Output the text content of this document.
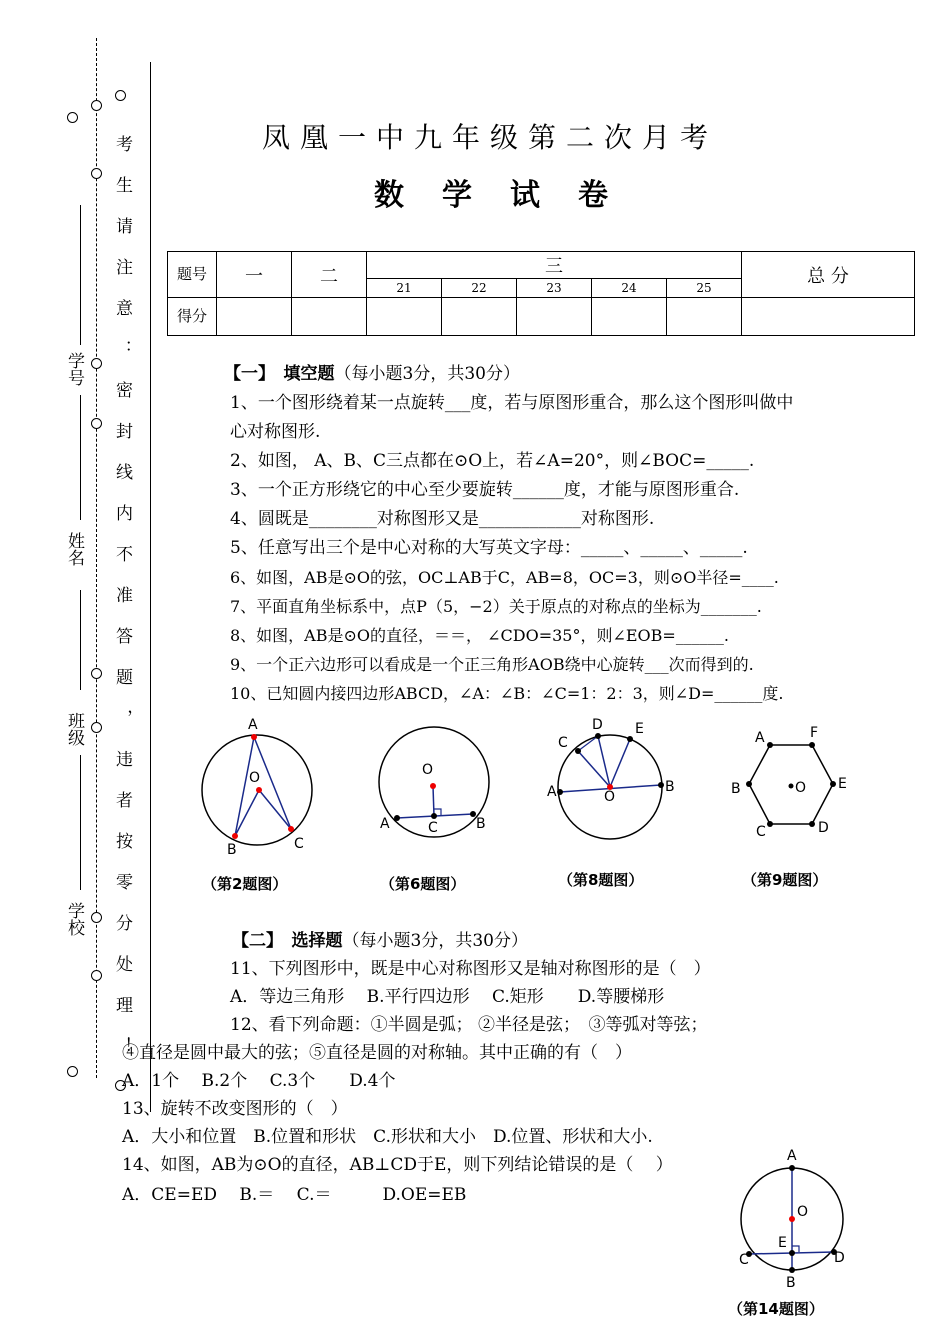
学校
班级
姓名
学号 考生请注意：密封线内不准答题，违者按零分处理！	凤凰一中九年级第二次月考
数学试卷
题号	一	二	三					总 分
			21	22	23	24	25	
得分								
【一】　填空题（每小题3分，共30分）
1、一个图形绕着某一点旋转___度，若与原图形重合，那么这个图形叫做中
心对称图形.
2、如图， A、B、C三点都在⊙O上，若∠A=20°，则∠BOC=_____.
3、一个正方形绕它的中心至少要旋转______度，才能与原图形重合.
4、圆既是________对称图形又是____________对称图形.
5、任意写出三个是中心对称的大写英文字母：_____、_____、_____.
6、如图，AB是⊙O的弦，OC⊥AB于C，AB=8，OC=3，则⊙O半径=____.
7、平面直角坐标系中，点P（5，−2）关于原点的对称点的坐标为_______.
8、如图，AB是⊙O的直径，＝＝， ∠CDO=35°，则∠EOB=______.
9、一个正六边形可以看成是一个正三角形AOB绕中心旋转___次而得到的.
10、已知圆内接四边形ABCD，∠A：∠B：∠C=1：2：3，则∠D=______度.
A
O
B	C
（第2题图）
O
A	C	B
（第6题图）
D E
C
A	O
B
（第8题图）
A	F
B	O E
C	D
（第9题图）
【二】　选择题（每小题3分，共30分）
11、下列图形中，既是中心对称图形又是轴对称图形的是（　）
A．等边三角形　 B.平行四边形　 C.矩形　　D.等腰梯形
12、看下列命题：①半圆是弧； ②半径是弦；　③等弧对等弦；
④直径是圆中最大的弦；⑤直径是圆的对称轴。其中正确的有（　）
A．1个　 B.2个　 C.3个　　D.4个
13、旋转不改变图形的（　）
A．大小和位置　B.位置和形状　C.形状和大小　D.位置、形状和大小.
14、如图，AB为⊙O的直径，AB⊥CD于E，则下列结论错误的是（　 ）
A．CE=ED　 B.＝　 C.＝　　　D.OE=EB
A
O
E
C	D
B
（第14题图）
